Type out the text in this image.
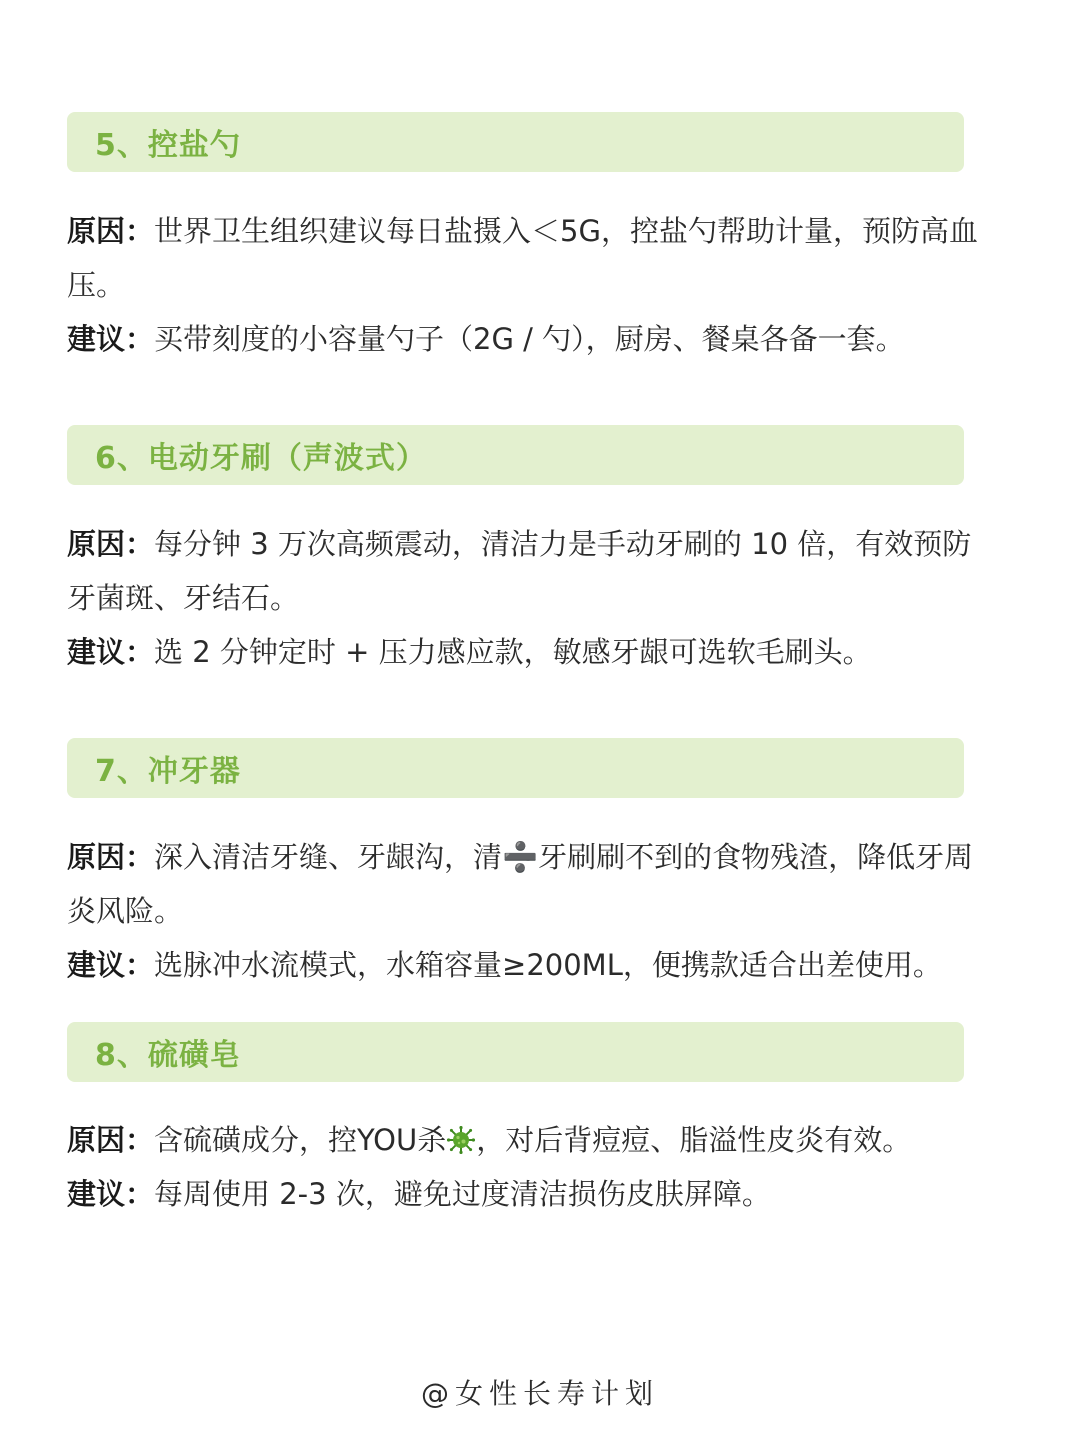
5、控盐勺

原因：世界卫生组织建议每日盐摄入＜5G，控盐勺帮助计量，预防高血压。

建议：买带刻度的小容量勺子（2G / 勺），厨房、餐桌各备一套。

6、电动牙刷（声波式）

原因：每分钟 3 万次高频震动，清洁力是手动牙刷的 10 倍，有效预防牙菌斑、牙结石。

建议：选 2 分钟定时 + 压力感应款，敏感牙龈可选软毛刷头。

7、冲牙器

原因：深入清洁牙缝、牙龈沟，清➗牙刷刷不到的食物残渣，降低牙周炎风险。

建议：选脉冲水流模式，水箱容量≥200ML，便携款适合出差使用。

8、硫磺皂

原因：含硫磺成分，控YOU杀 ，对后背痘痘、脂溢性皮炎有效。

建议：每周使用 2-3 次，避免过度清洁损伤皮肤屏障。

@女性长寿计划
